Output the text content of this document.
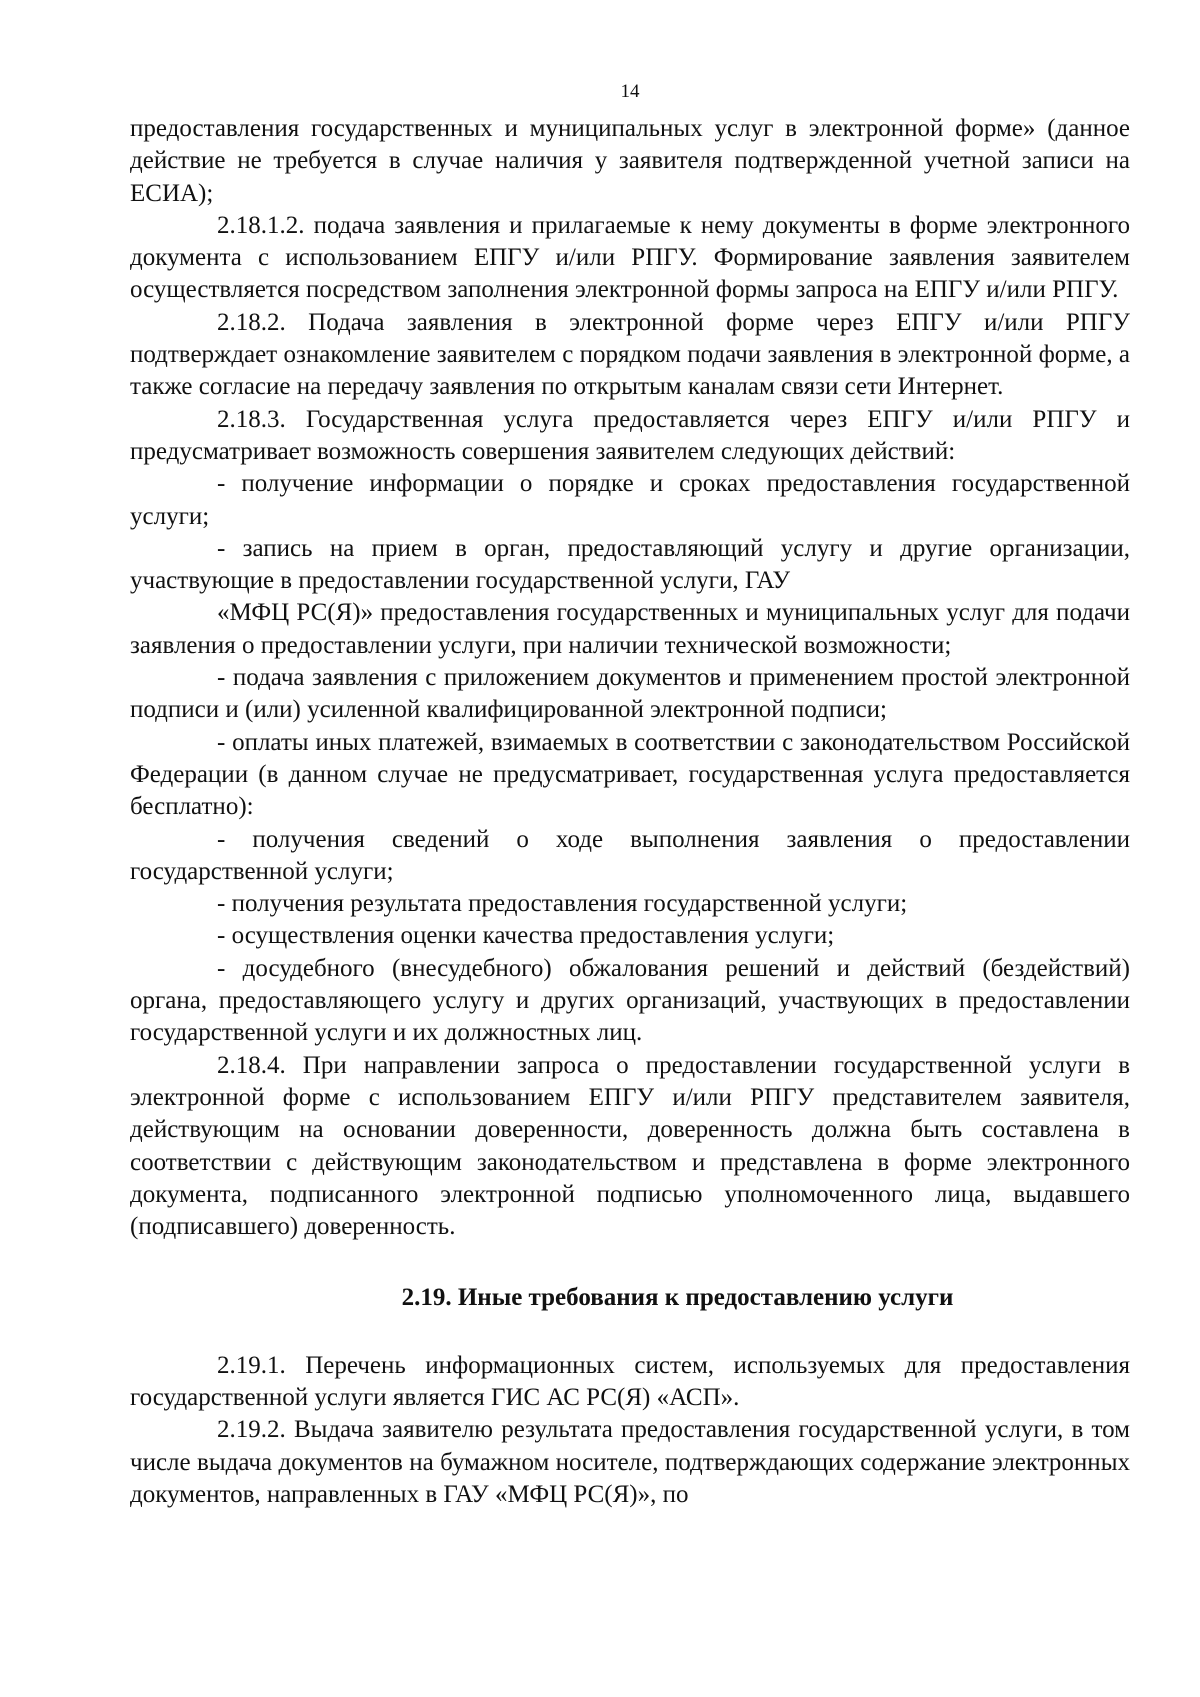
14

предоставления государственных и муниципальных услуг в электронной форме» (данное действие не требуется в случае наличия у заявителя подтвержденной учетной записи на ЕСИА);

2.18.1.2. подача заявления и прилагаемые к нему документы в форме электронного документа с использованием ЕПГУ и/или РПГУ. Формирование заявления заявителем осуществляется посредством заполнения электронной формы запроса на ЕПГУ и/или РПГУ.

2.18.2. Подача заявления в электронной форме через ЕПГУ и/или РПГУ подтверждает ознакомление заявителем с порядком подачи заявления в электронной форме, а также согласие на передачу заявления по открытым каналам связи сети Интернет.

2.18.3. Государственная услуга предоставляется через ЕПГУ и/или РПГУ и предусматривает возможность совершения заявителем следующих действий:

- получение информации о порядке и сроках предоставления государственной услуги;

- запись на прием в орган, предоставляющий услугу и другие организации, участвующие в предоставлении государственной услуги, ГАУ

«МФЦ РС(Я)» предоставления государственных и муниципальных услуг для подачи заявления о предоставлении услуги, при наличии технической возможности;

- подача заявления с приложением документов и применением простой электронной подписи и (или) усиленной квалифицированной электронной подписи;

- оплаты иных платежей, взимаемых в соответствии с законодательством Российской Федерации (в данном случае не предусматривает, государственная услуга предоставляется бесплатно):

- получения сведений о ходе выполнения заявления о предоставлении государственной услуги;

- получения результата предоставления государственной услуги;

- осуществления оценки качества предоставления услуги;

- досудебного (внесудебного) обжалования решений и действий (бездействий) органа, предоставляющего услугу и других организаций, участвующих в предоставлении государственной услуги и их должностных лиц.

2.18.4. При направлении запроса о предоставлении государственной услуги в электронной форме с использованием ЕПГУ и/или РПГУ представителем заявителя, действующим на основании доверенности, доверенность должна быть составлена в соответствии с действующим законодательством и представлена в форме электронного документа, подписанного электронной подписью уполномоченного лица, выдавшего (подписавшего) доверенность.

2.19. Иные требования к предоставлению услуги

2.19.1. Перечень информационных систем, используемых для предоставления государственной услуги является ГИС АС РС(Я) «АСП».

2.19.2. Выдача заявителю результата предоставления государственной услуги, в том числе выдача документов на бумажном носителе, подтверждающих содержание электронных документов, направленных в ГАУ «МФЦ РС(Я)», по
